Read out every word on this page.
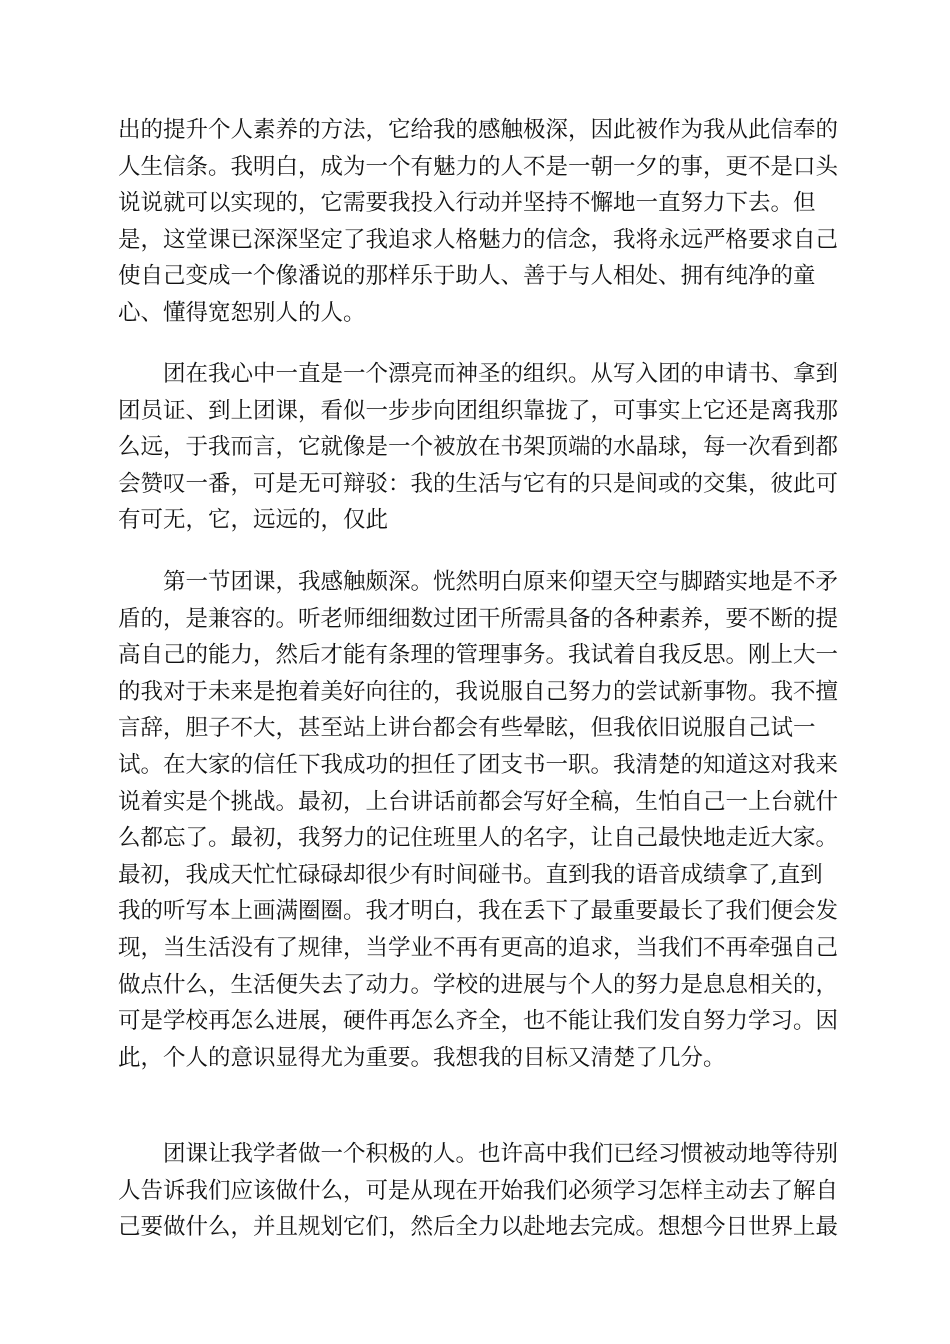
出的提升个人素养的方法，它给我的感触极深，因此被作为我从此信奉的
人生信条。我明白，成为一个有魅力的人不是一朝一夕的事，更不是口头
说说就可以实现的，它需要我投入行动并坚持不懈地一直努力下去。但
是，这堂课已深深坚定了我追求人格魅力的信念，我将永远严格要求自己
使自己变成一个像潘说的那样乐于助人、善于与人相处、拥有纯净的童
心、懂得宽恕别人的人。
团在我心中一直是一个漂亮而神圣的组织。从写入团的申请书、拿到
团员证、到上团课，看似一步步向团组织靠拢了，可事实上它还是离我那
么远，于我而言，它就像是一个被放在书架顶端的水晶球，每一次看到都
会赞叹一番，可是无可辩驳：我的生活与它有的只是间或的交集，彼此可
有可无，它，远远的，仅此
第一节团课，我感触颇深。恍然明白原来仰望天空与脚踏实地是不矛
盾的，是兼容的。听老师细细数过团干所需具备的各种素养，要不断的提
高自己的能力，然后才能有条理的管理事务。我试着自我反思。刚上大一
的我对于未来是抱着美好向往的，我说服自己努力的尝试新事物。我不擅
言辞，胆子不大，甚至站上讲台都会有些晕眩，但我依旧说服自己试一
试。在大家的信任下我成功的担任了团支书一职。我清楚的知道这对我来
说着实是个挑战。最初，上台讲话前都会写好全稿，生怕自己一上台就什
么都忘了。最初，我努力的记住班里人的名字，让自己最快地走近大家。
最初，我成天忙忙碌碌却很少有时间碰书。直到我的语音成绩拿了,直到
我的听写本上画满圈圈。我才明白，我在丢下了最重要最长了我们便会发
现，当生活没有了规律，当学业不再有更高的追求，当我们不再牵强自己
做点什么，生活便失去了动力。学校的进展与个人的努力是息息相关的，
可是学校再怎么进展，硬件再怎么齐全，也不能让我们发自努力学习。因
此，个人的意识显得尤为重要。我想我的目标又清楚了几分。
团课让我学者做一个积极的人。也许高中我们已经习惯被动地等待别
人告诉我们应该做什么，可是从现在开始我们必须学习怎样主动去了解自
己要做什么，并且规划它们，然后全力以赴地去完成。想想今日世界上最
